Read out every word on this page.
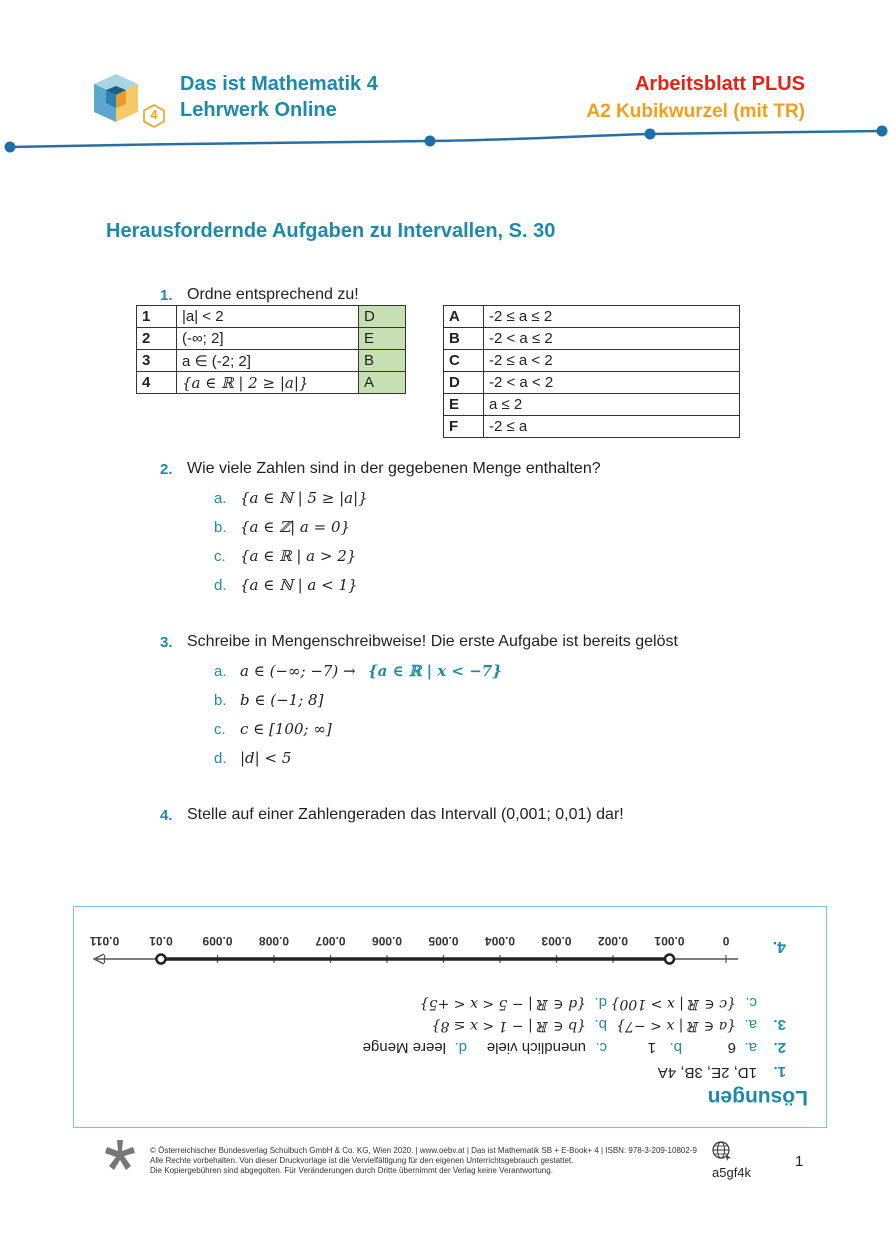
4
Das ist Mathematik 4
Lehrwerk Online
Arbeitsblatt PLUS
A2 Kubikwurzel (mit TR)
Herausfordernde Aufgaben zu Intervallen, S. 30
1. Ordne entsprechend zu!
1	|a| < 2	D
2	(-∞; 2]	E
3	a ∈ (-2; 2]	B
4	{a ∈ ℝ | 2 ≥ |a|}	A
A	-2 ≤ a ≤ 2
B	-2 < a ≤ 2
C	-2 ≤ a < 2
D	-2 < a < 2
E	a ≤ 2
F	-2 ≤ a
2. Wie viele Zahlen sind in der gegebenen Menge enthalten?
a. {a ∈ ℕ | 5 ≥ |a|}
b. {a ∈ ℤ| a = 0}
c. {a ∈ ℝ | a > 2}
d. {a ∈ ℕ | a < 1}
3. Schreibe in Mengenschreibweise! Die erste Aufgabe ist bereits gelöst
a. a ∈ (−∞; −7) → {a ∈ ℝ | x < −7}
b. b ∈ (−1; 8]
c. c ∈ [100; ∞]
d. |d| < 5
4. Stelle auf einer Zahlengeraden das Intervall (0,001; 0,01) dar!
Lösungen
1.
1D, 2E, 3B, 4A
2.
a.
6
b.
1
c.
unendlich viele
d.
leere Menge
3.
a.
{a ∈ ℝ | x < −7}
b.
{b ∈ ℝ | − 1 < x ≤ 8}
c.
{c ∈ ℝ | x > 100}
d.
{d ∈ ℝ | − 5 < x < +5}
4.
0
0.001
0.002
0.003
0.004
0.005
0.006
0.007
0.008
0.009
0.01
0.011
© Österreichischer Bundesverlag Schulbuch GmbH & Co. KG, Wien 2020. | www.oebv.at | Das ist Mathematik SB + E-Book+ 4 | ISBN: 978-3-209-10802-9
Alle Rechte vorbehalten. Von dieser Druckvorlage ist die Vervielfältigung für den eigenen Unterrichtsgebrauch gestattet.
Die Kopiergebühren sind abgegolten. Für Veränderungen durch Dritte übernimmt der Verlag keine Verantwortung.	a5gf4k
1
